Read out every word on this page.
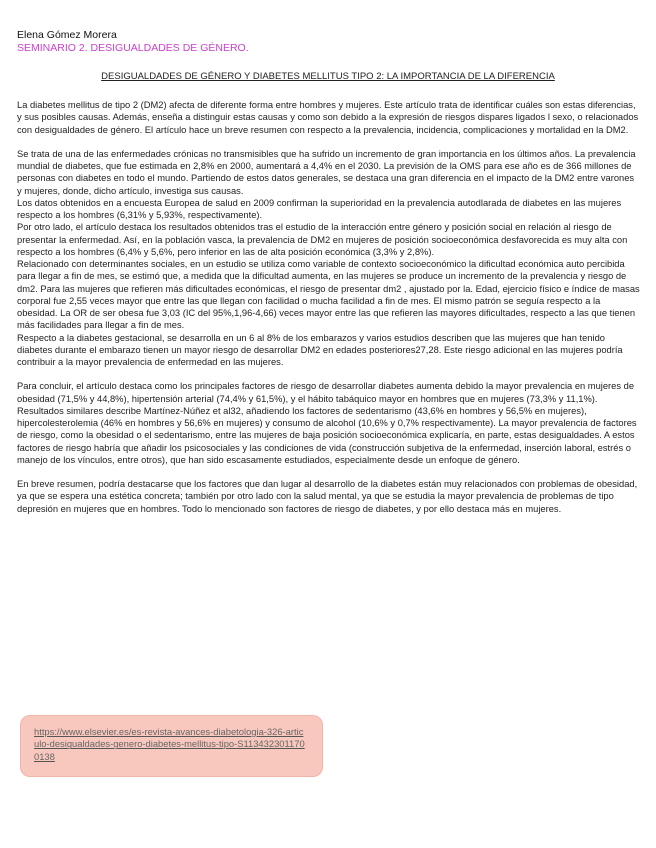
Elena Gómez Morera
SEMINARIO 2. DESIGUALDADES DE GÉNERO.
DESIGUALDADES DE GÉNERO Y DIABETES MELLITUS TIPO 2: LA IMPORTANCIA DE LA DIFERENCIA

La diabetes mellitus de tipo 2 (DM2) afecta de diferente forma entre hombres y mujeres. Este artículo trata de identificar cuáles son estas diferencias, y sus posibles causas. Además, enseña a distinguir estas causas y como son debido a la expresión de riesgos dispares ligados l sexo, o relacionados con desigualdades de género. El artículo hace un breve resumen con respecto a la prevalencia, incidencia, complicaciones y mortalidad en la DM2.

Se trata de una de las enfermedades crónicas no transmisibles que ha sufrido un incremento de gran importancia en los últimos años. La prevalencia mundial de diabetes, que fue estimada en 2,8% en 2000, aumentará a 4,4% en el 2030. La previsión de la OMS para ese año es de 366 millones de personas con diabetes en todo el mundo. Partiendo de estos datos generales, se destaca una gran diferencia en el impacto de la DM2 entre varones y mujeres, donde, dicho artículo, investiga sus causas.

Los datos obtenidos en a encuesta Europea de salud en 2009 confirman la superioridad en la prevalencia autodlarada de diabetes en las mujeres respecto a los hombres (6,31% y 5,93%, respectivamente).

Por otro lado, el artículo destaca los resultados obtenidos tras el estudio de la interacción entre género y posición social en relación al riesgo de presentar la enfermedad. Así, en la población vasca, la prevalencia de DM2 en mujeres de posición socioeconómica desfavorecida es muy alta con respecto a los hombres (6,4% y 5,6%, pero inferior en las de alta posición económica (3,3% y 2,8%).

Relacionado con determinantes sociales, en un estudio se utiliza como variable de contexto socioeconómico la dificultad económica auto percibida para llegar a fin de mes, se estimó que, a medida que la dificultad aumenta, en las mujeres se produce un incremento de la prevalencia y riesgo de dm2. Para las mujeres que refieren más dificultades económicas, el riesgo de presentar dm2 , ajustado por la. Edad, ejercicio físico e índice de masas corporal fue 2,55 veces mayor que entre las que llegan con facilidad o mucha facilidad a fin de mes. El mismo patrón se seguía respecto a la obesidad. La OR de ser obesa fue 3,03 (IC del 95%,1,96-4,66) veces mayor entre las que refieren las mayores dificultades, respecto a las que tienen más facilidades para llegar a fin de mes.

Respecto a la diabetes gestacional, se desarrolla en un 6 al 8% de los embarazos y varios estudios describen que las mujeres que han tenido diabetes durante el embarazo tienen un mayor riesgo de desarrollar DM2 en edades posteriores27,28. Este riesgo adicional en las mujeres podría contribuir a la mayor prevalencia de enfermedad en las mujeres.

Para concluir, el artículo destaca como los principales factores de riesgo de desarrollar diabetes aumenta debido la mayor prevalencia en mujeres de obesidad (71,5% y 44,8%), hipertensión arterial (74,4% y 61,5%), y el hábito tabáquico mayor en hombres que en mujeres (73,3% y 11,1%). Resultados similares describe Martínez-Núñez et al32, añadiendo los factores de sedentarismo (43,6% en hombres y 56,5% en mujeres), hipercolesterolemia (46% en hombres y 56,6% en mujeres) y consumo de alcohol (10,6% y 0,7% respectivamente). La mayor prevalencia de factores de riesgo, como la obesidad o el sedentarismo, entre las mujeres de baja posición socioeconómica explicaría, en parte, estas desigualdades. A estos factores de riesgo habría que añadir los psicosociales y las condiciones de vida (construcción subjetiva de la enfermedad, inserción laboral, estrés o manejo de los vínculos, entre otros), que han sido escasamente estudiados, especialmente desde un enfoque de género.

En breve resumen, podría destacarse que los factores que dan lugar al desarrollo de la diabetes están muy relacionados con problemas de obesidad, ya que se espera una estética concreta; también por otro lado con la salud mental, ya que se estudia la mayor prevalencia de problemas de tipo depresión en mujeres que en hombres. Todo lo mencionado son factores de riesgo de diabetes, y por ello destaca más en mujeres.

https://www.elsevier.es/es-revista-avances-diabetologia-326-articulo-desigualdades-genero-diabetes-mellitus-tipo-S1134323011700138
